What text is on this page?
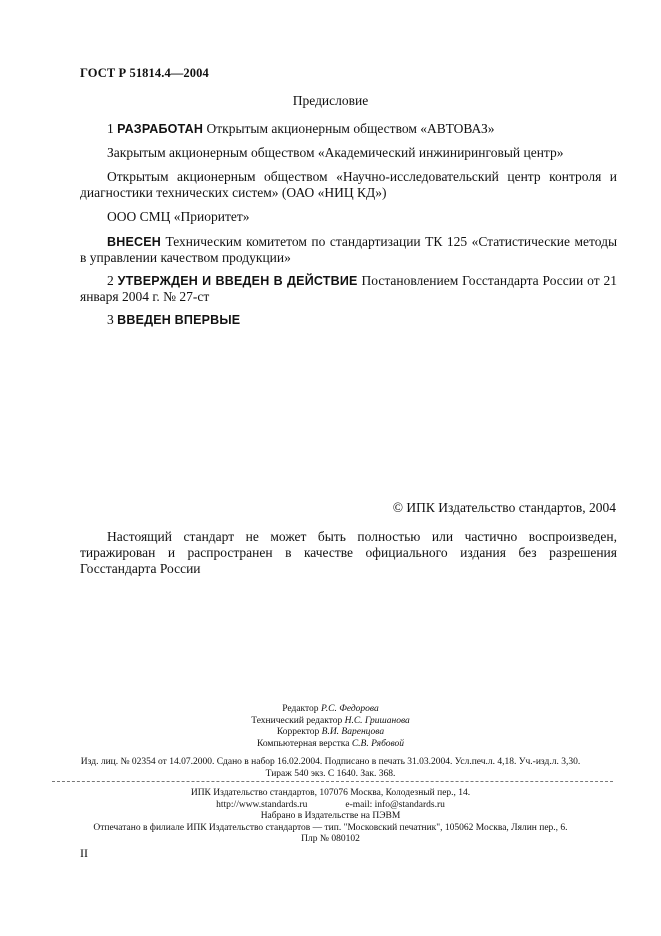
ГОСТ Р 51814.4—2004
Предисловие

1 РАЗРАБОТАН Открытым акционерным обществом «АВТОВАЗ»

Закрытым акционерным обществом «Академический инжиниринговый центр»

Открытым акционерным обществом «Научно-исследовательский центр контроля и диагностики технических систем» (ОАО «НИЦ КД»)

ООО СМЦ «Приоритет»

ВНЕСЕН Техническим комитетом по стандартизации ТК 125 «Статистические методы в управлении качеством продукции»

2 УТВЕРЖДЕН И ВВЕДЕН В ДЕЙСТВИЕ Постановлением Госстандарта России от 21 января 2004 г. № 27-ст

3 ВВЕДЕН ВПЕРВЫЕ

© ИПК Издательство стандартов, 2004

Настоящий стандарт не может быть полностью или частично воспроизведен, тиражирован и распространен в качестве официального издания без разрешения Госстандарта России

Редактор Р.С. Федорова
Технический редактор Н.С. Гришанова
Корректор В.И. Варенцова
Компьютерная верстка С.В. Рябовой
Изд. лиц. № 02354 от 14.07.2000. Сдано в набор 16.02.2004. Подписано в печать 31.03.2004. Усл.печ.л. 4,18. Уч.-изд.л. 3,30.
Тираж 540 экз. С 1640. Зак. 368.
ИПК Издательство стандартов, 107076 Москва, Колодезный пер., 14.
http://www.standards.ru	e-mail: info@standards.ru
Набрано в Издательстве на ПЭВМ
Отпечатано в филиале ИПК Издательство стандартов — тип. "Московский печатник", 105062 Москва, Лялин пер., 6.
Плр № 080102
II
